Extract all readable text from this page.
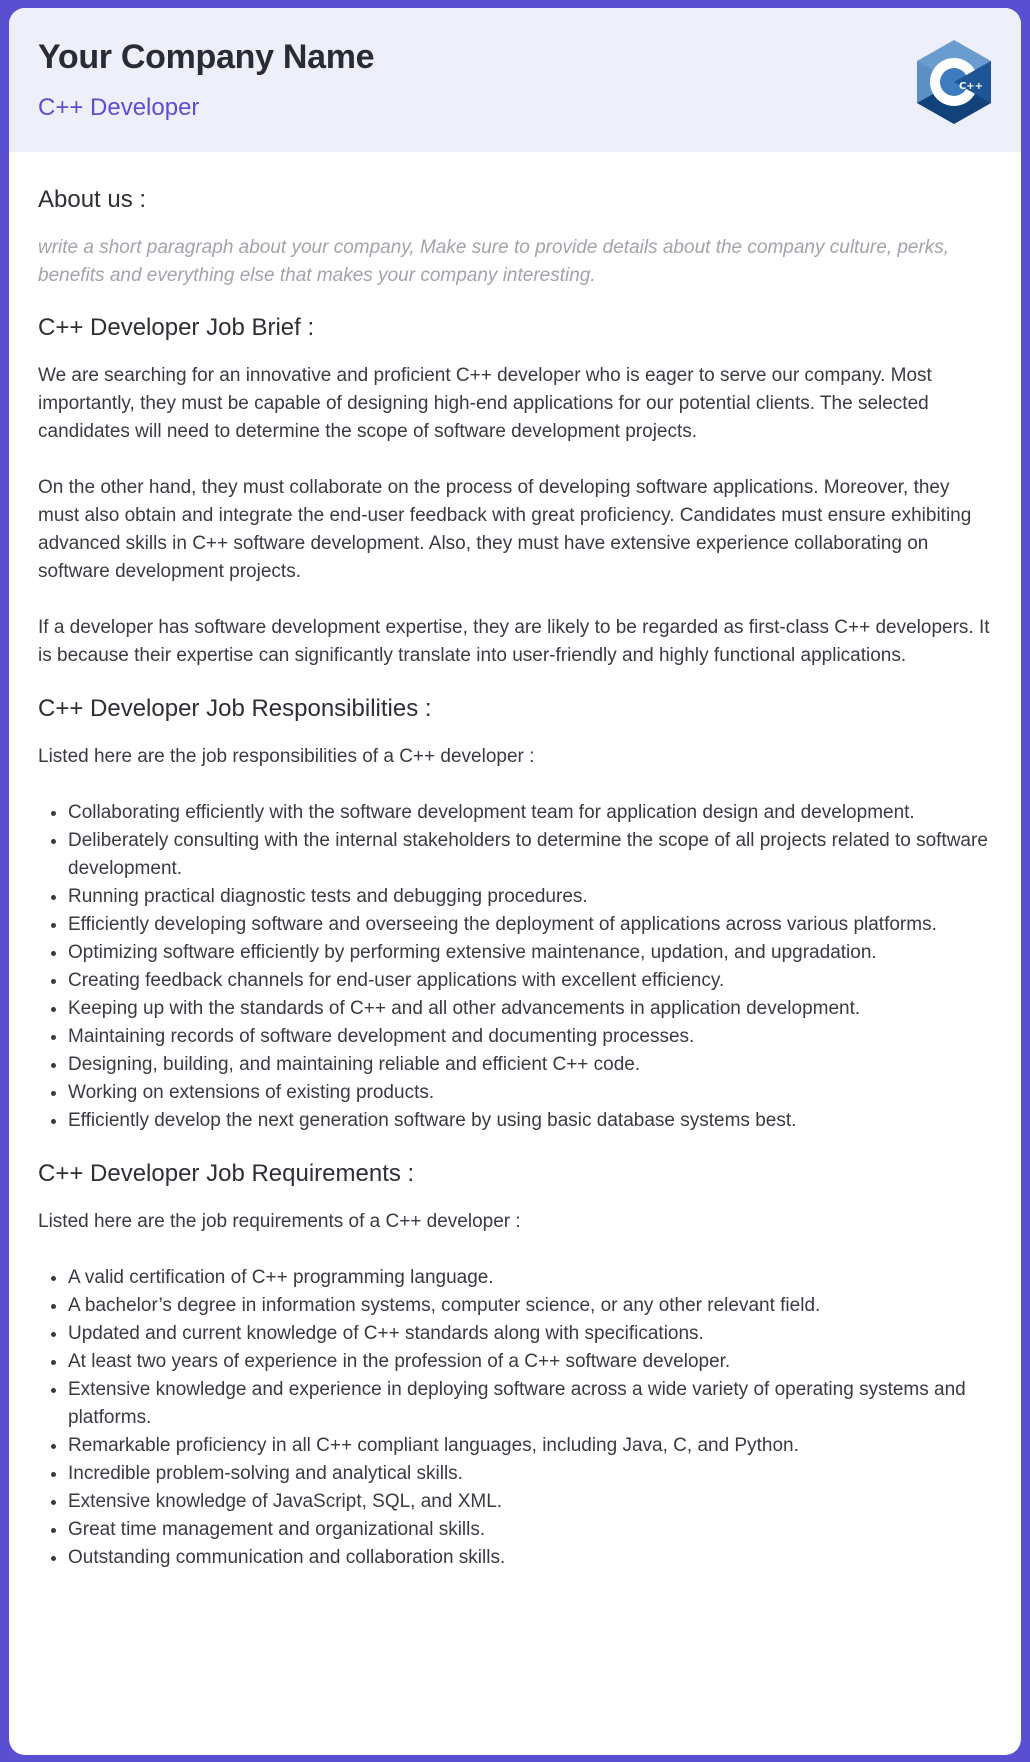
Your Company Name
C++ Developer
C++
About us :

write a short paragraph about your company, Make sure to provide details about the company culture, perks, benefits and everything else that makes your company interesting.

C++ Developer Job Brief :

We are searching for an innovative and proficient C++ developer who is eager to serve our company. Most importantly, they must be capable of designing high-end applications for our potential clients. The selected candidates will need to determine the scope of software development projects.

On the other hand, they must collaborate on the process of developing software applications. Moreover, they must also obtain and integrate the end-user feedback with great proficiency. Candidates must ensure exhibiting advanced skills in C++ software development. Also, they must have extensive experience collaborating on software development projects.

If a developer has software development expertise, they are likely to be regarded as first-class C++ developers. It is because their expertise can significantly translate into user-friendly and highly functional applications.

C++ Developer Job Responsibilities :

Listed here are the job responsibilities of a C++ developer :

• Collaborating efficiently with the software development team for application design and development.
• Deliberately consulting with the internal stakeholders to determine the scope of all projects related to software development.
• Running practical diagnostic tests and debugging procedures.
• Efficiently developing software and overseeing the deployment of applications across various platforms.
• Optimizing software efficiently by performing extensive maintenance, updation, and upgradation.
• Creating feedback channels for end-user applications with excellent efficiency.
• Keeping up with the standards of C++ and all other advancements in application development.
• Maintaining records of software development and documenting processes.
• Designing, building, and maintaining reliable and efficient C++ code.
• Working on extensions of existing products.
• Efficiently develop the next generation software by using basic database systems best.
C++ Developer Job Requirements :

Listed here are the job requirements of a C++ developer :

• A valid certification of C++ programming language.
• A bachelor’s degree in information systems, computer science, or any other relevant field.
• Updated and current knowledge of C++ standards along with specifications.
• At least two years of experience in the profession of a C++ software developer.
• Extensive knowledge and experience in deploying software across a wide variety of operating systems and platforms.
• Remarkable proficiency in all C++ compliant languages, including Java, C, and Python.
• Incredible problem-solving and analytical skills.
• Extensive knowledge of JavaScript, SQL, and XML.
• Great time management and organizational skills.
• Outstanding communication and collaboration skills.
